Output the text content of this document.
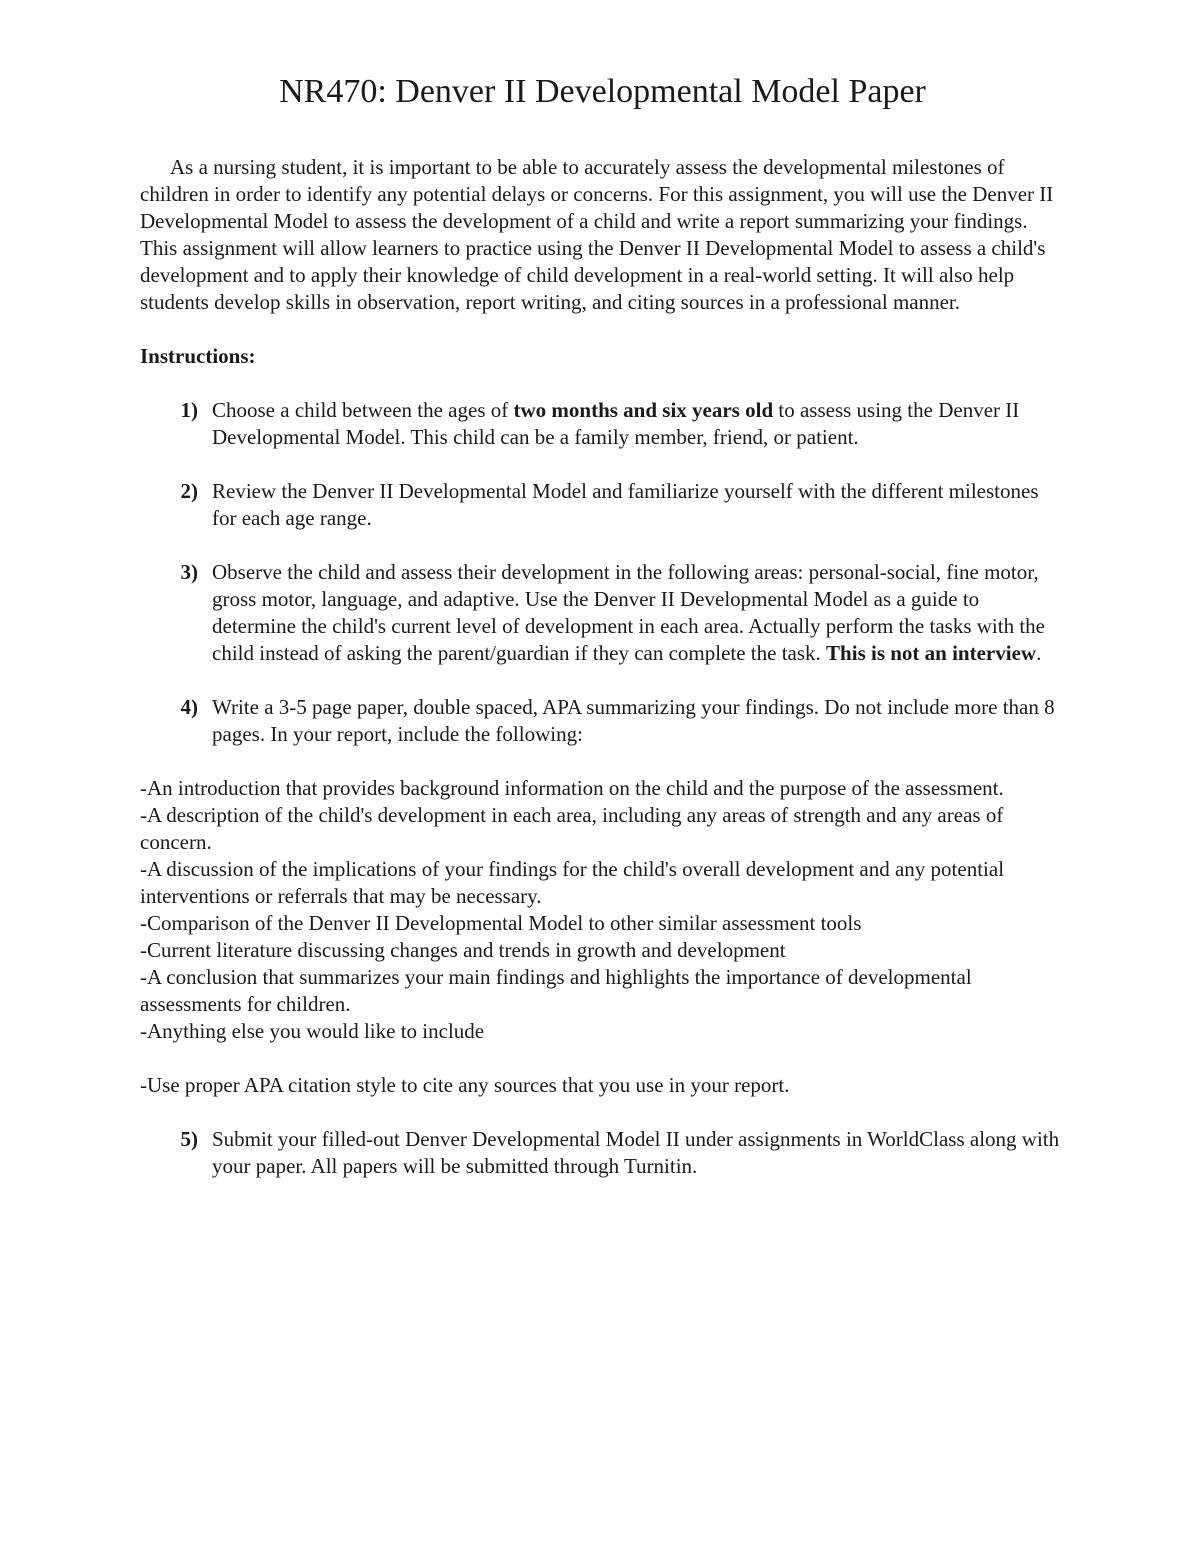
NR470: Denver II Developmental Model Paper

As a nursing student, it is important to be able to accurately assess the developmental milestones of children in order to identify any potential delays or concerns. For this assignment, you will use the Denver II Developmental Model to assess the development of a child and write a report summarizing your findings. This assignment will allow learners to practice using the Denver II Developmental Model to assess a child's development and to apply their knowledge of child development in a real-world setting. It will also help students develop skills in observation, report writing, and citing sources in a professional manner.

Instructions:

1) Choose a child between the ages of two months and six years old to assess using the Denver II Developmental Model. This child can be a family member, friend, or patient.
2) Review the Denver II Developmental Model and familiarize yourself with the different milestones for each age range.
3) Observe the child and assess their development in the following areas: personal-social, fine motor, gross motor, language, and adaptive. Use the Denver II Developmental Model as a guide to determine the child's current level of development in each area. Actually perform the tasks with the child instead of asking the parent/guardian if they can complete the task. This is not an interview.
4) Write a 3-5 page paper, double spaced, APA summarizing your findings. Do not include more than 8 pages. In your report, include the following:

-An introduction that provides background information on the child and the purpose of the assessment.

-A description of the child's development in each area, including any areas of strength and any areas of concern.

-A discussion of the implications of your findings for the child's overall development and any potential interventions or referrals that may be necessary.

-Comparison of the Denver II Developmental Model to other similar assessment tools

-Current literature discussing changes and trends in growth and development

-A conclusion that summarizes your main findings and highlights the importance of developmental assessments for children.

-Anything else you would like to include

-Use proper APA citation style to cite any sources that you use in your report.

5) Submit your filled-out Denver Developmental Model II under assignments in WorldClass along with your paper. All papers will be submitted through Turnitin.
